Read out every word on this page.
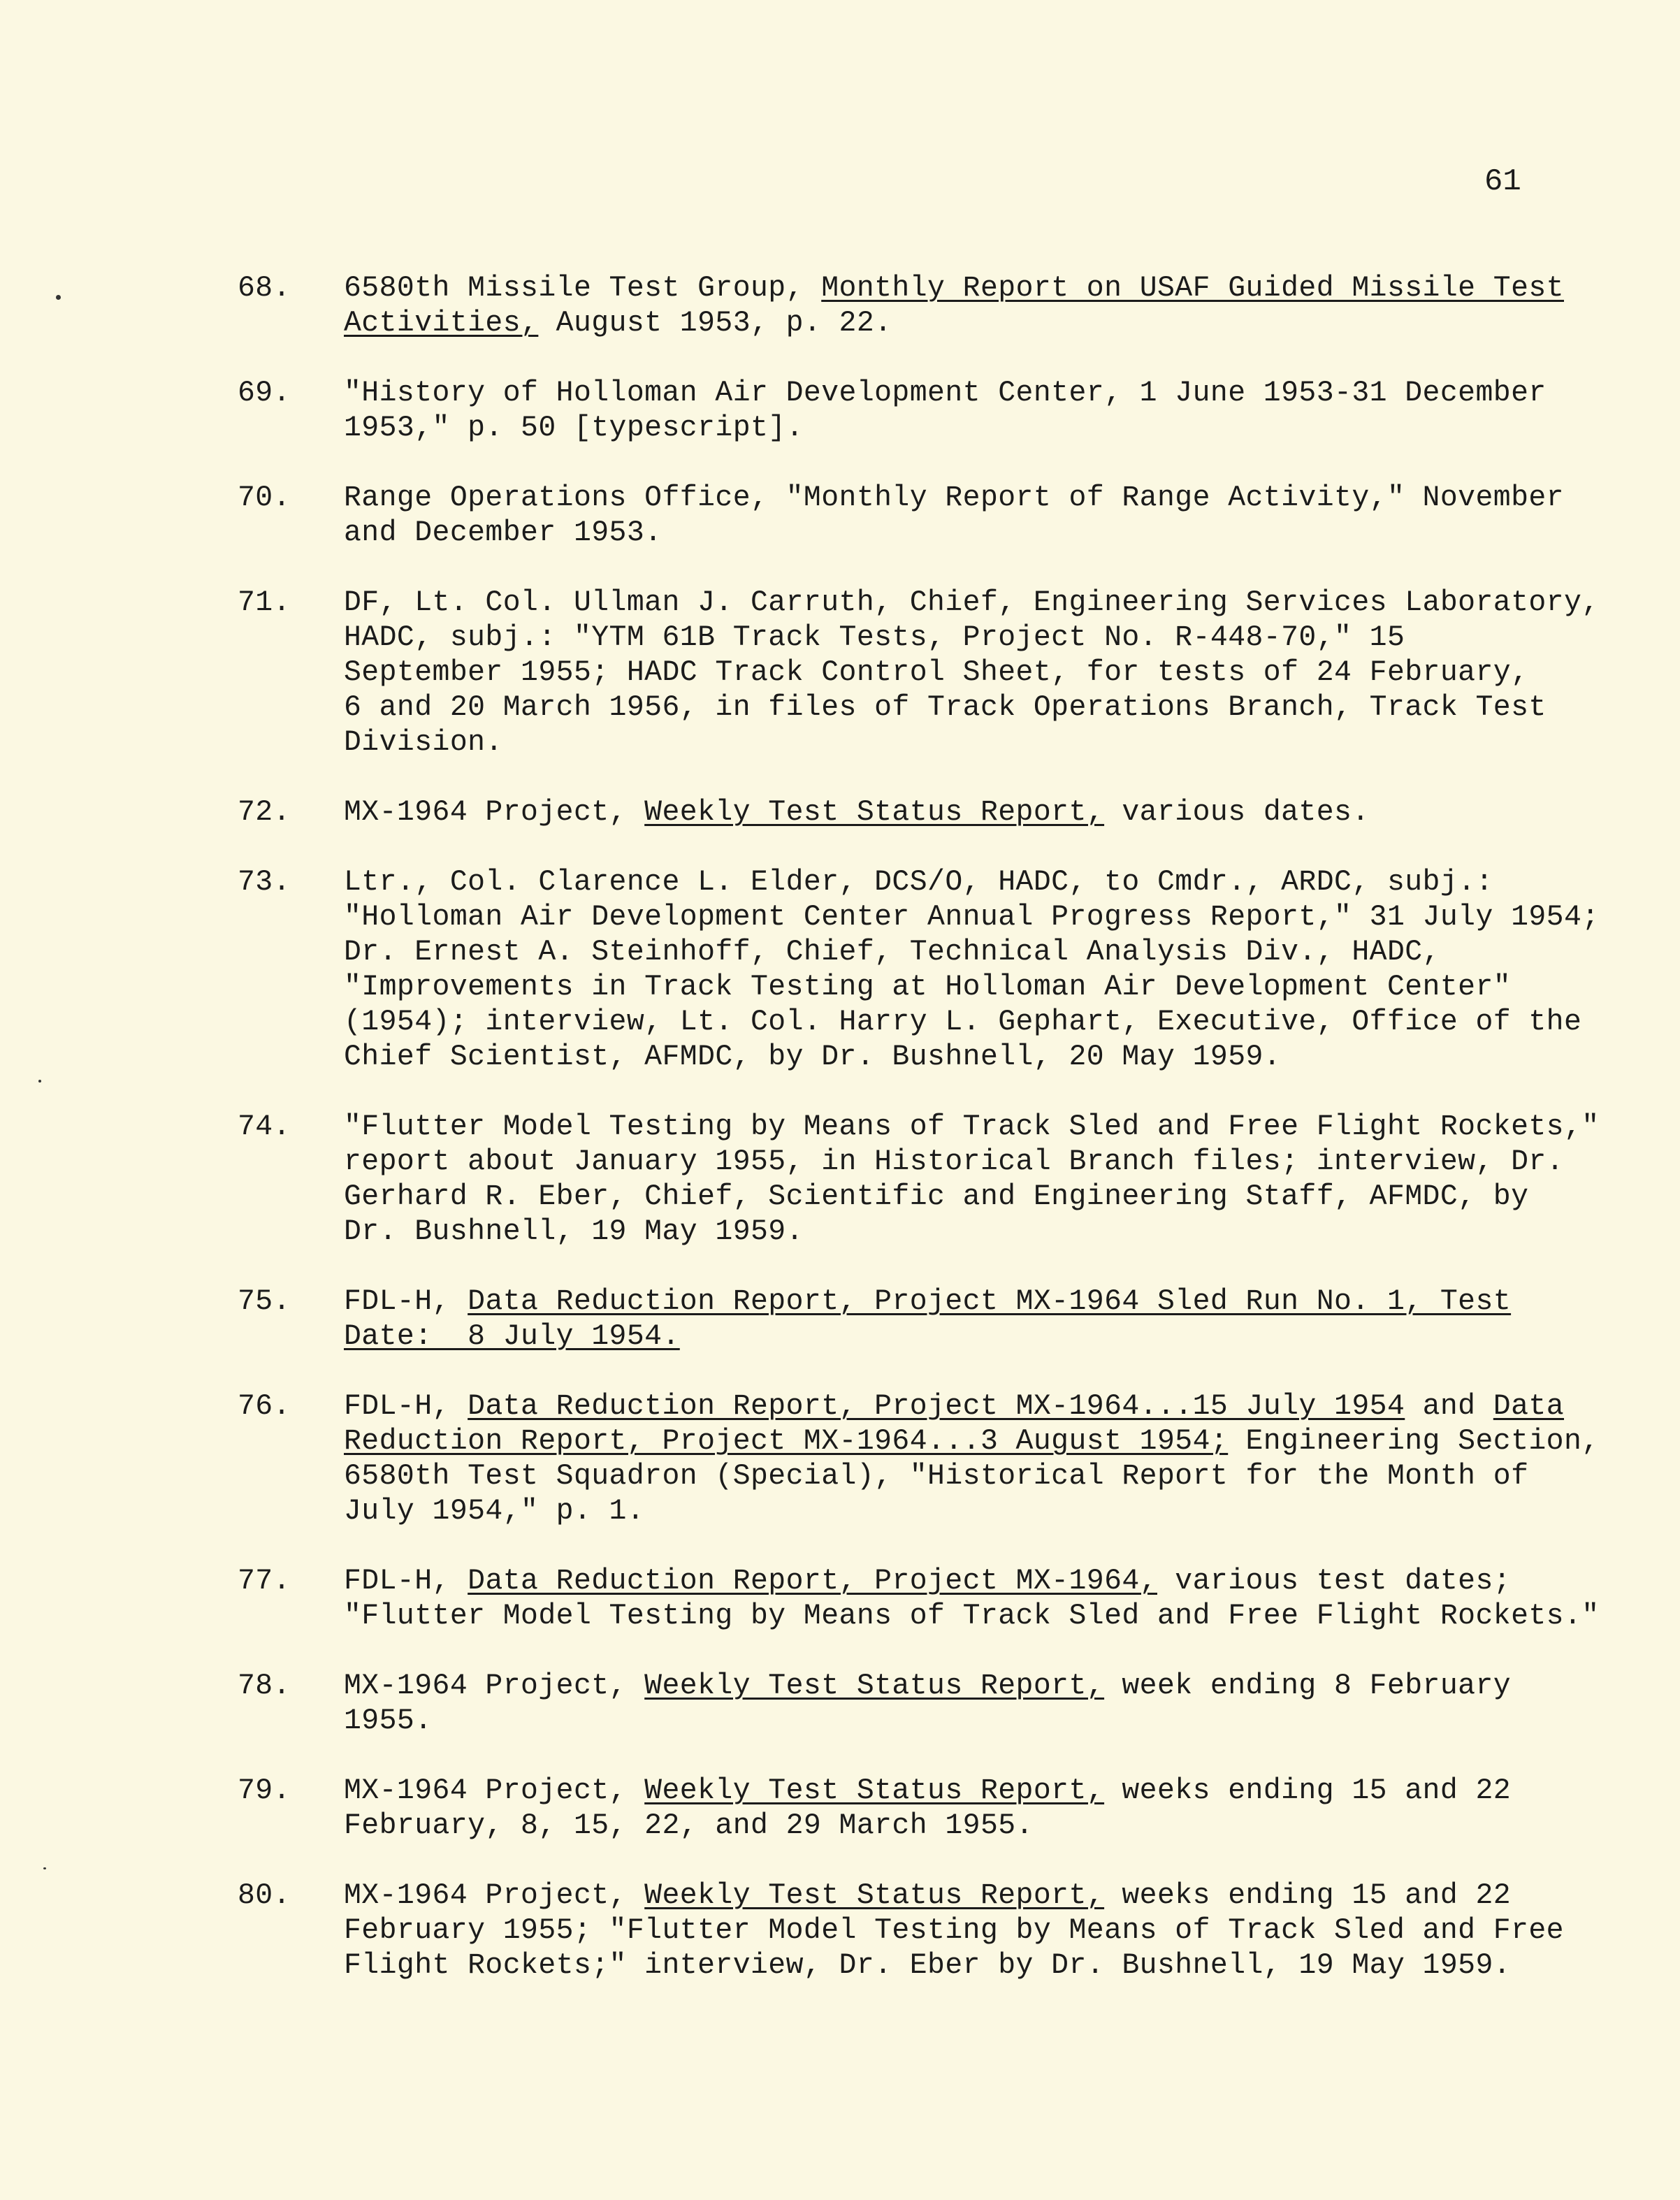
61
68.	6580th Missile Test Group, Monthly Report on USAF Guided Missile Test
Activities, August 1953, p. 22.
69.	"History of Holloman Air Development Center, 1 June 1953-31 December
1953," p. 50 [typescript].
70.	Range Operations Office, "Monthly Report of Range Activity," November
and December 1953.
71.	DF, Lt. Col. Ullman J. Carruth, Chief, Engineering Services Laboratory,
HADC, subj.: "YTM 61B Track Tests, Project No. R-448-70," 15
September 1955; HADC Track Control Sheet, for tests of 24 February,
6 and 20 March 1956, in files of Track Operations Branch, Track Test
Division.
72.	MX-1964 Project, Weekly Test Status Report, various dates.
73.	Ltr., Col. Clarence L. Elder, DCS/O, HADC, to Cmdr., ARDC, subj.:
"Holloman Air Development Center Annual Progress Report," 31 July 1954;
Dr. Ernest A. Steinhoff, Chief, Technical Analysis Div., HADC,
"Improvements in Track Testing at Holloman Air Development Center"
(1954); interview, Lt. Col. Harry L. Gephart, Executive, Office of the
Chief Scientist, AFMDC, by Dr. Bushnell, 20 May 1959.
74.	"Flutter Model Testing by Means of Track Sled and Free Flight Rockets,"
report about January 1955, in Historical Branch files; interview, Dr.
Gerhard R. Eber, Chief, Scientific and Engineering Staff, AFMDC, by
Dr. Bushnell, 19 May 1959.
75.	FDL-H, Data Reduction Report, Project MX-1964 Sled Run No. 1, Test
Date:  8 July 1954.
76.	FDL-H, Data Reduction Report, Project MX-1964...15 July 1954 and Data
Reduction Report, Project MX-1964...3 August 1954; Engineering Section,
6580th Test Squadron (Special), "Historical Report for the Month of
July 1954," p. 1.
77.	FDL-H, Data Reduction Report, Project MX-1964, various test dates;
"Flutter Model Testing by Means of Track Sled and Free Flight Rockets."
78.	MX-1964 Project, Weekly Test Status Report, week ending 8 February
1955.
79.	MX-1964 Project, Weekly Test Status Report, weeks ending 15 and 22
February, 8, 15, 22, and 29 March 1955.
80.	MX-1964 Project, Weekly Test Status Report, weeks ending 15 and 22
February 1955; "Flutter Model Testing by Means of Track Sled and Free
Flight Rockets;" interview, Dr. Eber by Dr. Bushnell, 19 May 1959.
